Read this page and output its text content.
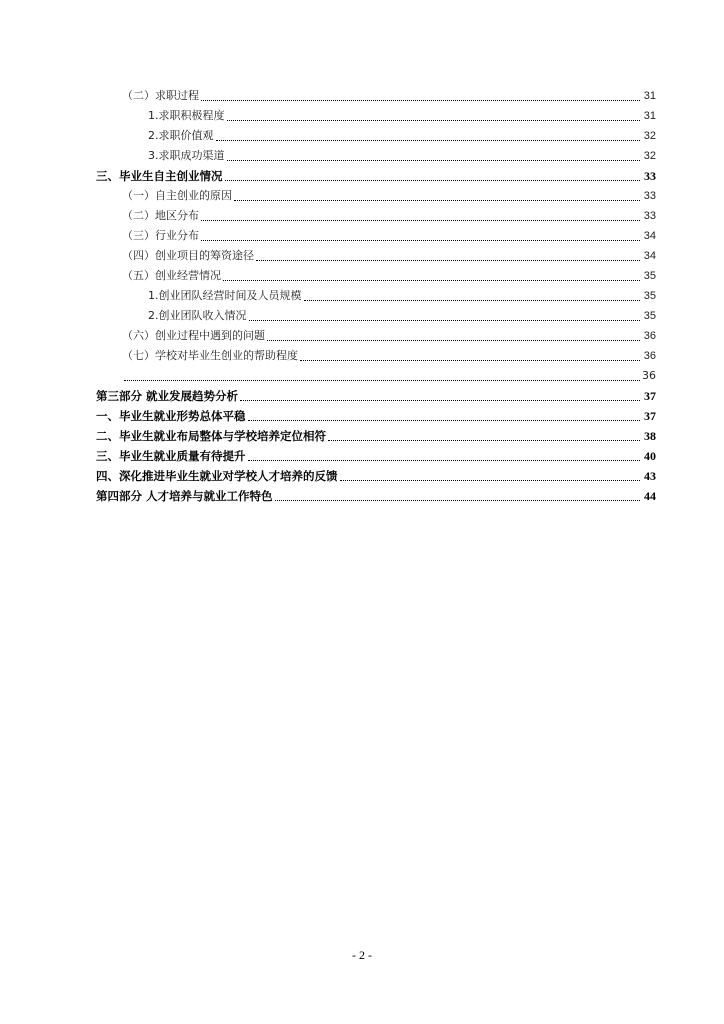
（二）求职过程	31
1.求职积极程度	31
2.求职价值观	32
3.求职成功渠道	32
三、毕业生自主创业情况	33
（一）自主创业的原因	33
（二）地区分布	33
（三）行业分布	34
（四）创业项目的筹资途径	34
（五）创业经营情况	35
1.创业团队经营时间及人员规模	35
2.创业团队收入情况	35
（六）创业过程中遇到的问题	36
（七）学校对毕业生创业的帮助程度	36
36
第三部分 就业发展趋势分析	37
一、毕业生就业形势总体平稳	37
二、毕业生就业布局整体与学校培养定位相符	38
三、毕业生就业质量有待提升	40
四、深化推进毕业生就业对学校人才培养的反馈	43
第四部分 人才培养与就业工作特色	44
- 2 -
